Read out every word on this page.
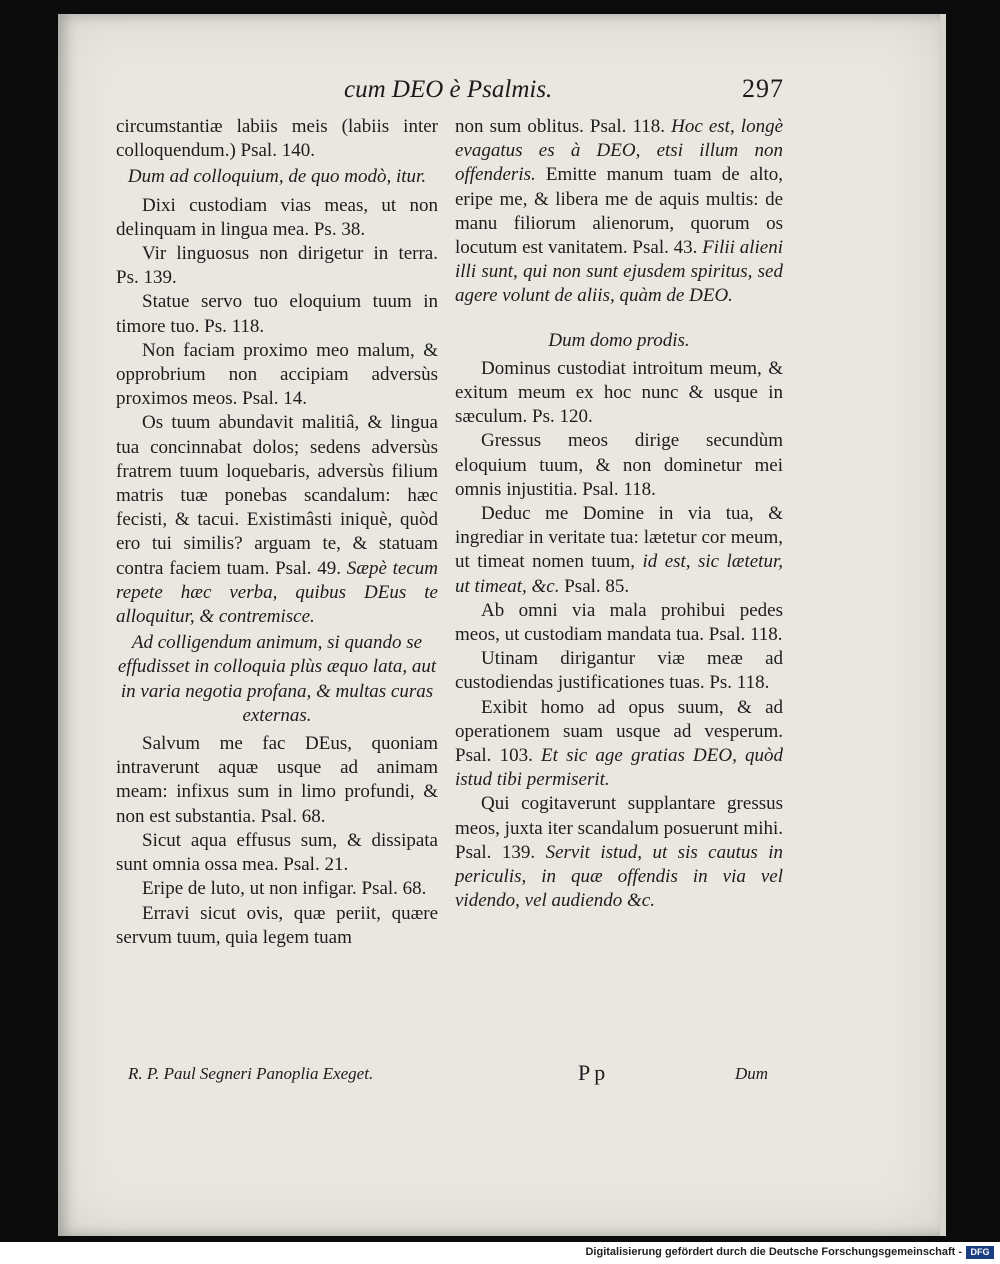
cum DEO è Psalmis.	297

circumstantiæ labiis meis (labiis inter colloquendum.) Psal. 140.

Dum ad colloquium, de quo modò, itur.

Dixi custodiam vias meas, ut non delinquam in lingua mea. Ps. 38.

Vir linguosus non dirigetur in terra. Ps. 139.

Statue servo tuo eloquium tuum in timore tuo. Ps. 118.

Non faciam proximo meo malum, & opprobrium non accipiam adversùs proximos meos. Psal. 14.

Os tuum abundavit malitiâ, & lingua tua concinnabat dolos; sedens adversùs fratrem tuum loquebaris, adversùs filium matris tuæ ponebas scandalum: hæc fecisti, & tacui. Existimâsti iniquè, quòd ero tui similis? arguam te, & statuam contra faciem tuam. Psal. 49. Sæpè tecum repete hæc verba, quibus DEus te alloquitur, & contremisce.

Ad colligendum animum, si quando se effudisset in colloquia plùs æquo lata, aut in varia negotia profana, & multas curas externas.

Salvum me fac DEus, quoniam intraverunt aquæ usque ad animam meam: infixus sum in limo profundi, & non est substantia. Psal. 68.

Sicut aqua effusus sum, & dissipata sunt omnia ossa mea. Psal. 21.

Eripe de luto, ut non infigar. Psal. 68.

Erravi sicut ovis, quæ periit, quære servum tuum, quia legem tuam

non sum oblitus. Psal. 118. Hoc est, longè evagatus es à DEO, etsi illum non offenderis. Emitte manum tuam de alto, eripe me, & libera me de aquis multis: de manu filiorum alienorum, quorum os locutum est vanitatem. Psal. 43. Filii alieni illi sunt, qui non sunt ejusdem spiritus, sed agere volunt de aliis, quàm de DEO.

Dum domo prodis.

Dominus custodiat introitum meum, & exitum meum ex hoc nunc & usque in sæculum. Ps. 120.

Gressus meos dirige secundùm eloquium tuum, & non dominetur mei omnis injustitia. Psal. 118.

Deduc me Domine in via tua, & ingrediar in veritate tua: lætetur cor meum, ut timeat nomen tuum, id est, sic lætetur, ut timeat, &c. Psal. 85.

Ab omni via mala prohibui pedes meos, ut custodiam mandata tua. Psal. 118.

Utinam dirigantur viæ meæ ad custodiendas justificationes tuas. Ps. 118.

Exibit homo ad opus suum, & ad operationem suam usque ad vesperum. Psal. 103. Et sic age gratias DEO, quòd istud tibi permiserit.

Qui cogitaverunt supplantare gressus meos, juxta iter scandalum posuerunt mihi. Psal. 139. Servit istud, ut sis cautus in periculis, in quæ offendis in via vel videndo, vel audiendo &c.

R. P. Paul Segneri Panoplia Exeget.	Pp	Dum
Digitalisierung gefördert durch die Deutsche Forschungsgemeinschaft - DFG
